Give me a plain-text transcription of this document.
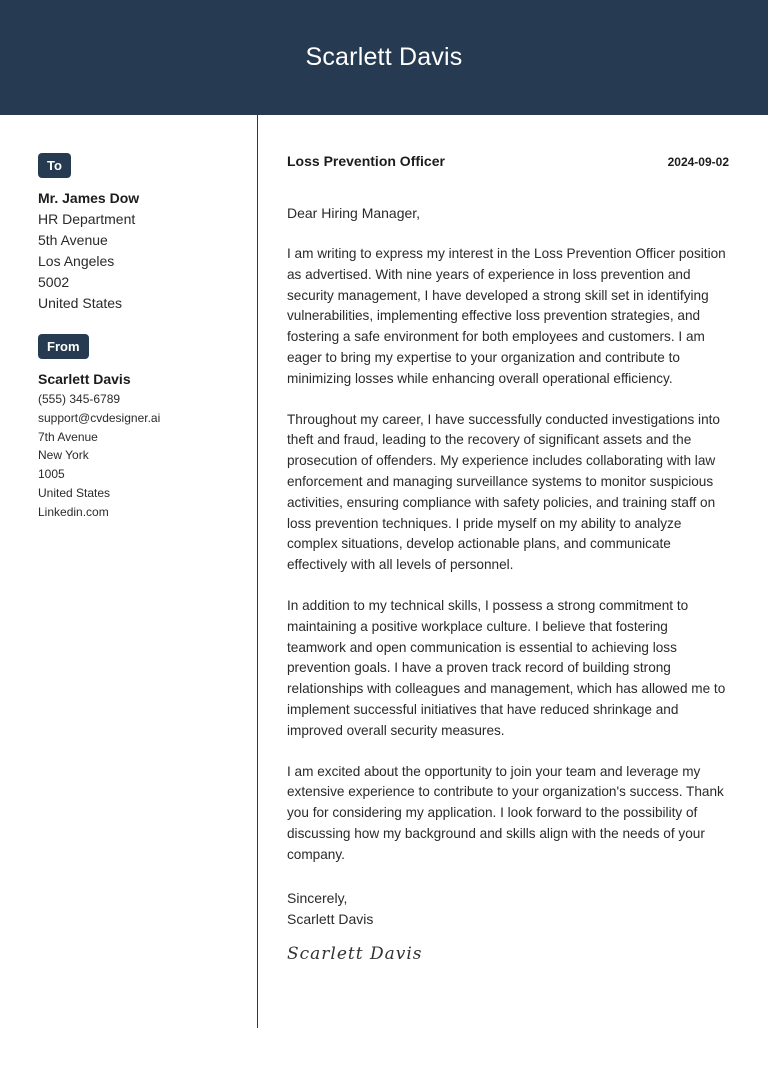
Scarlett Davis
To
Mr. James Dow
HR Department
5th Avenue
Los Angeles
5002
United States
From
Scarlett Davis
(555) 345-6789
support@cvdesigner.ai
7th Avenue
New York
1005
United States
Linkedin.com
Loss Prevention Officer	2024-09-02
Dear Hiring Manager,
I am writing to express my interest in the Loss Prevention Officer position as advertised. With nine years of experience in loss prevention and security management, I have developed a strong skill set in identifying vulnerabilities, implementing effective loss prevention strategies, and fostering a safe environment for both employees and customers. I am eager to bring my expertise to your organization and contribute to minimizing losses while enhancing overall operational efficiency.
Throughout my career, I have successfully conducted investigations into theft and fraud, leading to the recovery of significant assets and the prosecution of offenders. My experience includes collaborating with law enforcement and managing surveillance systems to monitor suspicious activities, ensuring compliance with safety policies, and training staff on loss prevention techniques. I pride myself on my ability to analyze complex situations, develop actionable plans, and communicate effectively with all levels of personnel.
In addition to my technical skills, I possess a strong commitment to maintaining a positive workplace culture. I believe that fostering teamwork and open communication is essential to achieving loss prevention goals. I have a proven track record of building strong relationships with colleagues and management, which has allowed me to implement successful initiatives that have reduced shrinkage and improved overall security measures.
I am excited about the opportunity to join your team and leverage my extensive experience to contribute to your organization's success. Thank you for considering my application. I look forward to the possibility of discussing how my background and skills align with the needs of your company.
Sincerely,
Scarlett Davis
Scarlett Davis
